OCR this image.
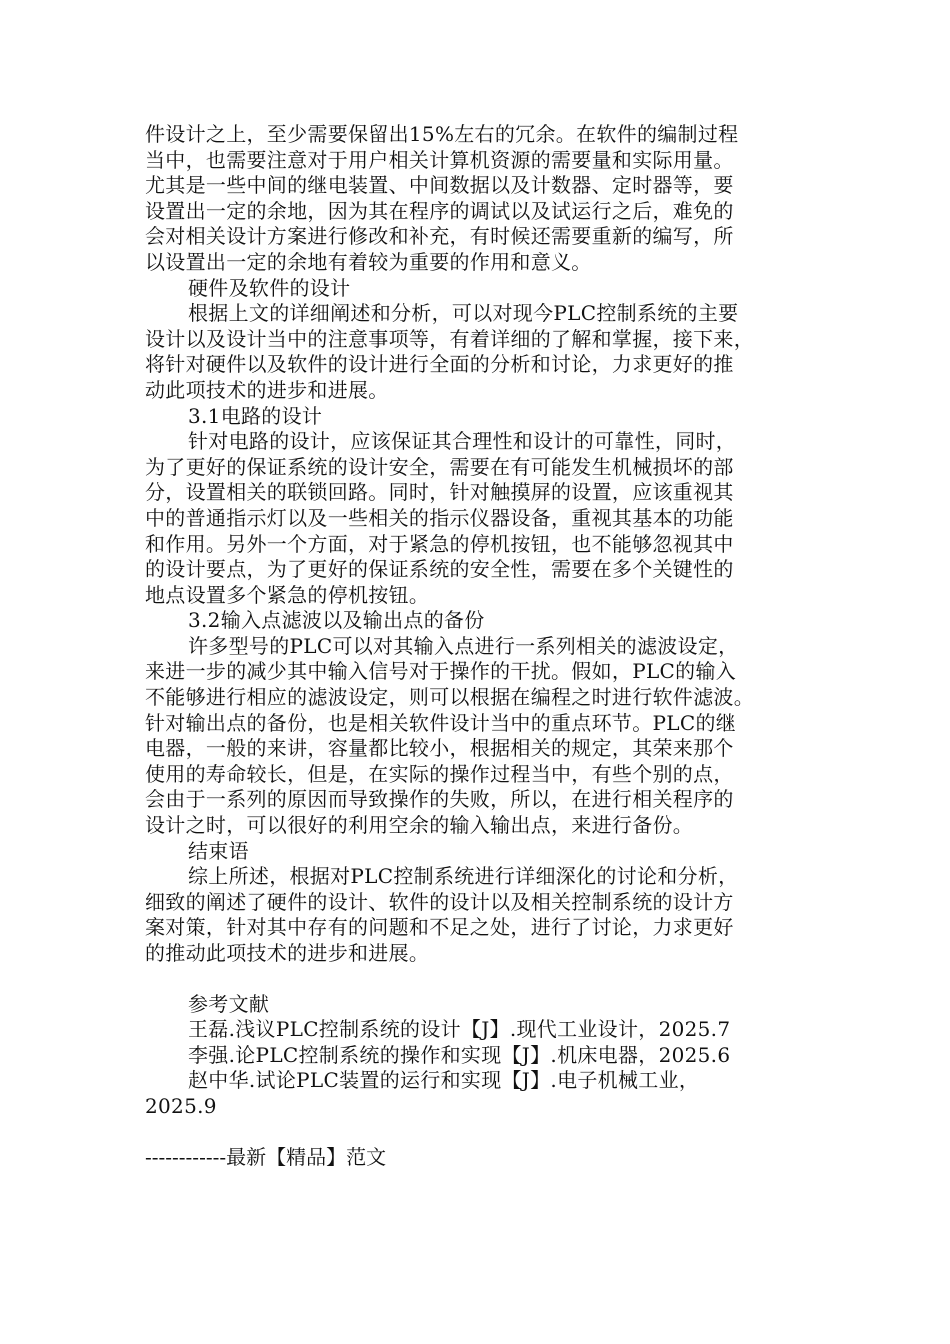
件设计之上，至少需要保留出15%左右的冗余。在软件的编制过程
当中，也需要注意对于用户相关计算机资源的需要量和实际用量。
尤其是一些中间的继电装置、中间数据以及计数器、定时器等，要
设置出一定的余地，因为其在程序的调试以及试运行之后，难免的
会对相关设计方案进行修改和补充，有时候还需要重新的编写，所
以设置出一定的余地有着较为重要的作用和意义。
硬件及软件的设计
根据上文的详细阐述和分析，可以对现今PLC控制系统的主要
设计以及设计当中的注意事项等，有着详细的了解和掌握，接下来，
将针对硬件以及软件的设计进行全面的分析和讨论，力求更好的推
动此项技术的进步和进展。
3.1电路的设计
针对电路的设计，应该保证其合理性和设计的可靠性，同时，
为了更好的保证系统的设计安全，需要在有可能发生机械损坏的部
分，设置相关的联锁回路。同时，针对触摸屏的设置，应该重视其
中的普通指示灯以及一些相关的指示仪器设备，重视其基本的功能
和作用。另外一个方面，对于紧急的停机按钮，也不能够忽视其中
的设计要点，为了更好的保证系统的安全性，需要在多个关键性的
地点设置多个紧急的停机按钮。
3.2输入点滤波以及输出点的备份
许多型号的PLC可以对其输入点进行一系列相关的滤波设定，
来进一步的减少其中输入信号对于操作的干扰。假如，PLC的输入
不能够进行相应的滤波设定，则可以根据在编程之时进行软件滤波。
针对输出点的备份，也是相关软件设计当中的重点环节。PLC的继
电器，一般的来讲，容量都比较小，根据相关的规定，其荣来那个
使用的寿命较长，但是，在实际的操作过程当中，有些个别的点，
会由于一系列的原因而导致操作的失败，所以，在进行相关程序的
设计之时，可以很好的利用空余的输入输出点，来进行备份。
结束语
综上所述，根据对PLC控制系统进行详细深化的讨论和分析，
细致的阐述了硬件的设计、软件的设计以及相关控制系统的设计方
案对策，针对其中存有的问题和不足之处，进行了讨论，力求更好
的推动此项技术的进步和进展。
参考文献
王磊.浅议PLC控制系统的设计【J】.现代工业设计，2025.7
李强.论PLC控制系统的操作和实现【J】.机床电器，2025.6
赵中华.试论PLC装置的运行和实现【J】.电子机械工业，
2025.9
------------最新【精品】范文
